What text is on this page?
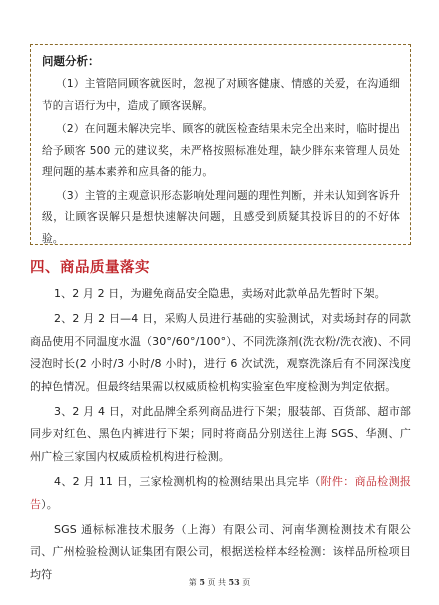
问题分析：

（1）主管陪同顾客就医时，忽视了对顾客健康、情感的关爱，在沟通细节的言语行为中，造成了顾客误解。

（2）在问题未解决完毕、顾客的就医检查结果未完全出来时，临时提出给予顾客 500 元的建议奖，未严格按照标准处理，缺少胖东来管理人员处理问题的基本素养和应具备的能力。

（3）主管的主观意识形态影响处理问题的理性判断，并未认知到客诉升级，让顾客误解只是想快速解决问题，且感受到质疑其投诉目的的不好体验。

四、商品质量落实

1、2 月 2 日，为避免商品安全隐患，卖场对此款单品先暂时下架。

2、2 月 2 日—4 日，采购人员进行基础的实验测试，对卖场封存的同款商品使用不同温度水温（30°/60°/100°）、不同洗涤剂(洗衣粉/洗衣液)、不同浸泡时长(2 小时/3 小时/8 小时)，进行 6 次试洗，观察洗涤后有不同深浅度的掉色情况。但最终结果需以权威质检机构实验室色牢度检测为判定依据。

3、2 月 4 日，对此品牌全系列商品进行下架；服装部、百货部、超市部同步对红色、黑色内裤进行下架；同时将商品分别送往上海 SGS、华测、广州广检三家国内权威质检机构进行检测。

4、2 月 11 日，三家检测机构的检测结果出具完毕（附件：商品检测报告）。

SGS 通标标准技术服务（上海）有限公司、河南华测检测技术有限公司、广州检验检测认证集团有限公司，根据送检样本经检测：该样品所检项目均符

第 5 页 共 53 页
